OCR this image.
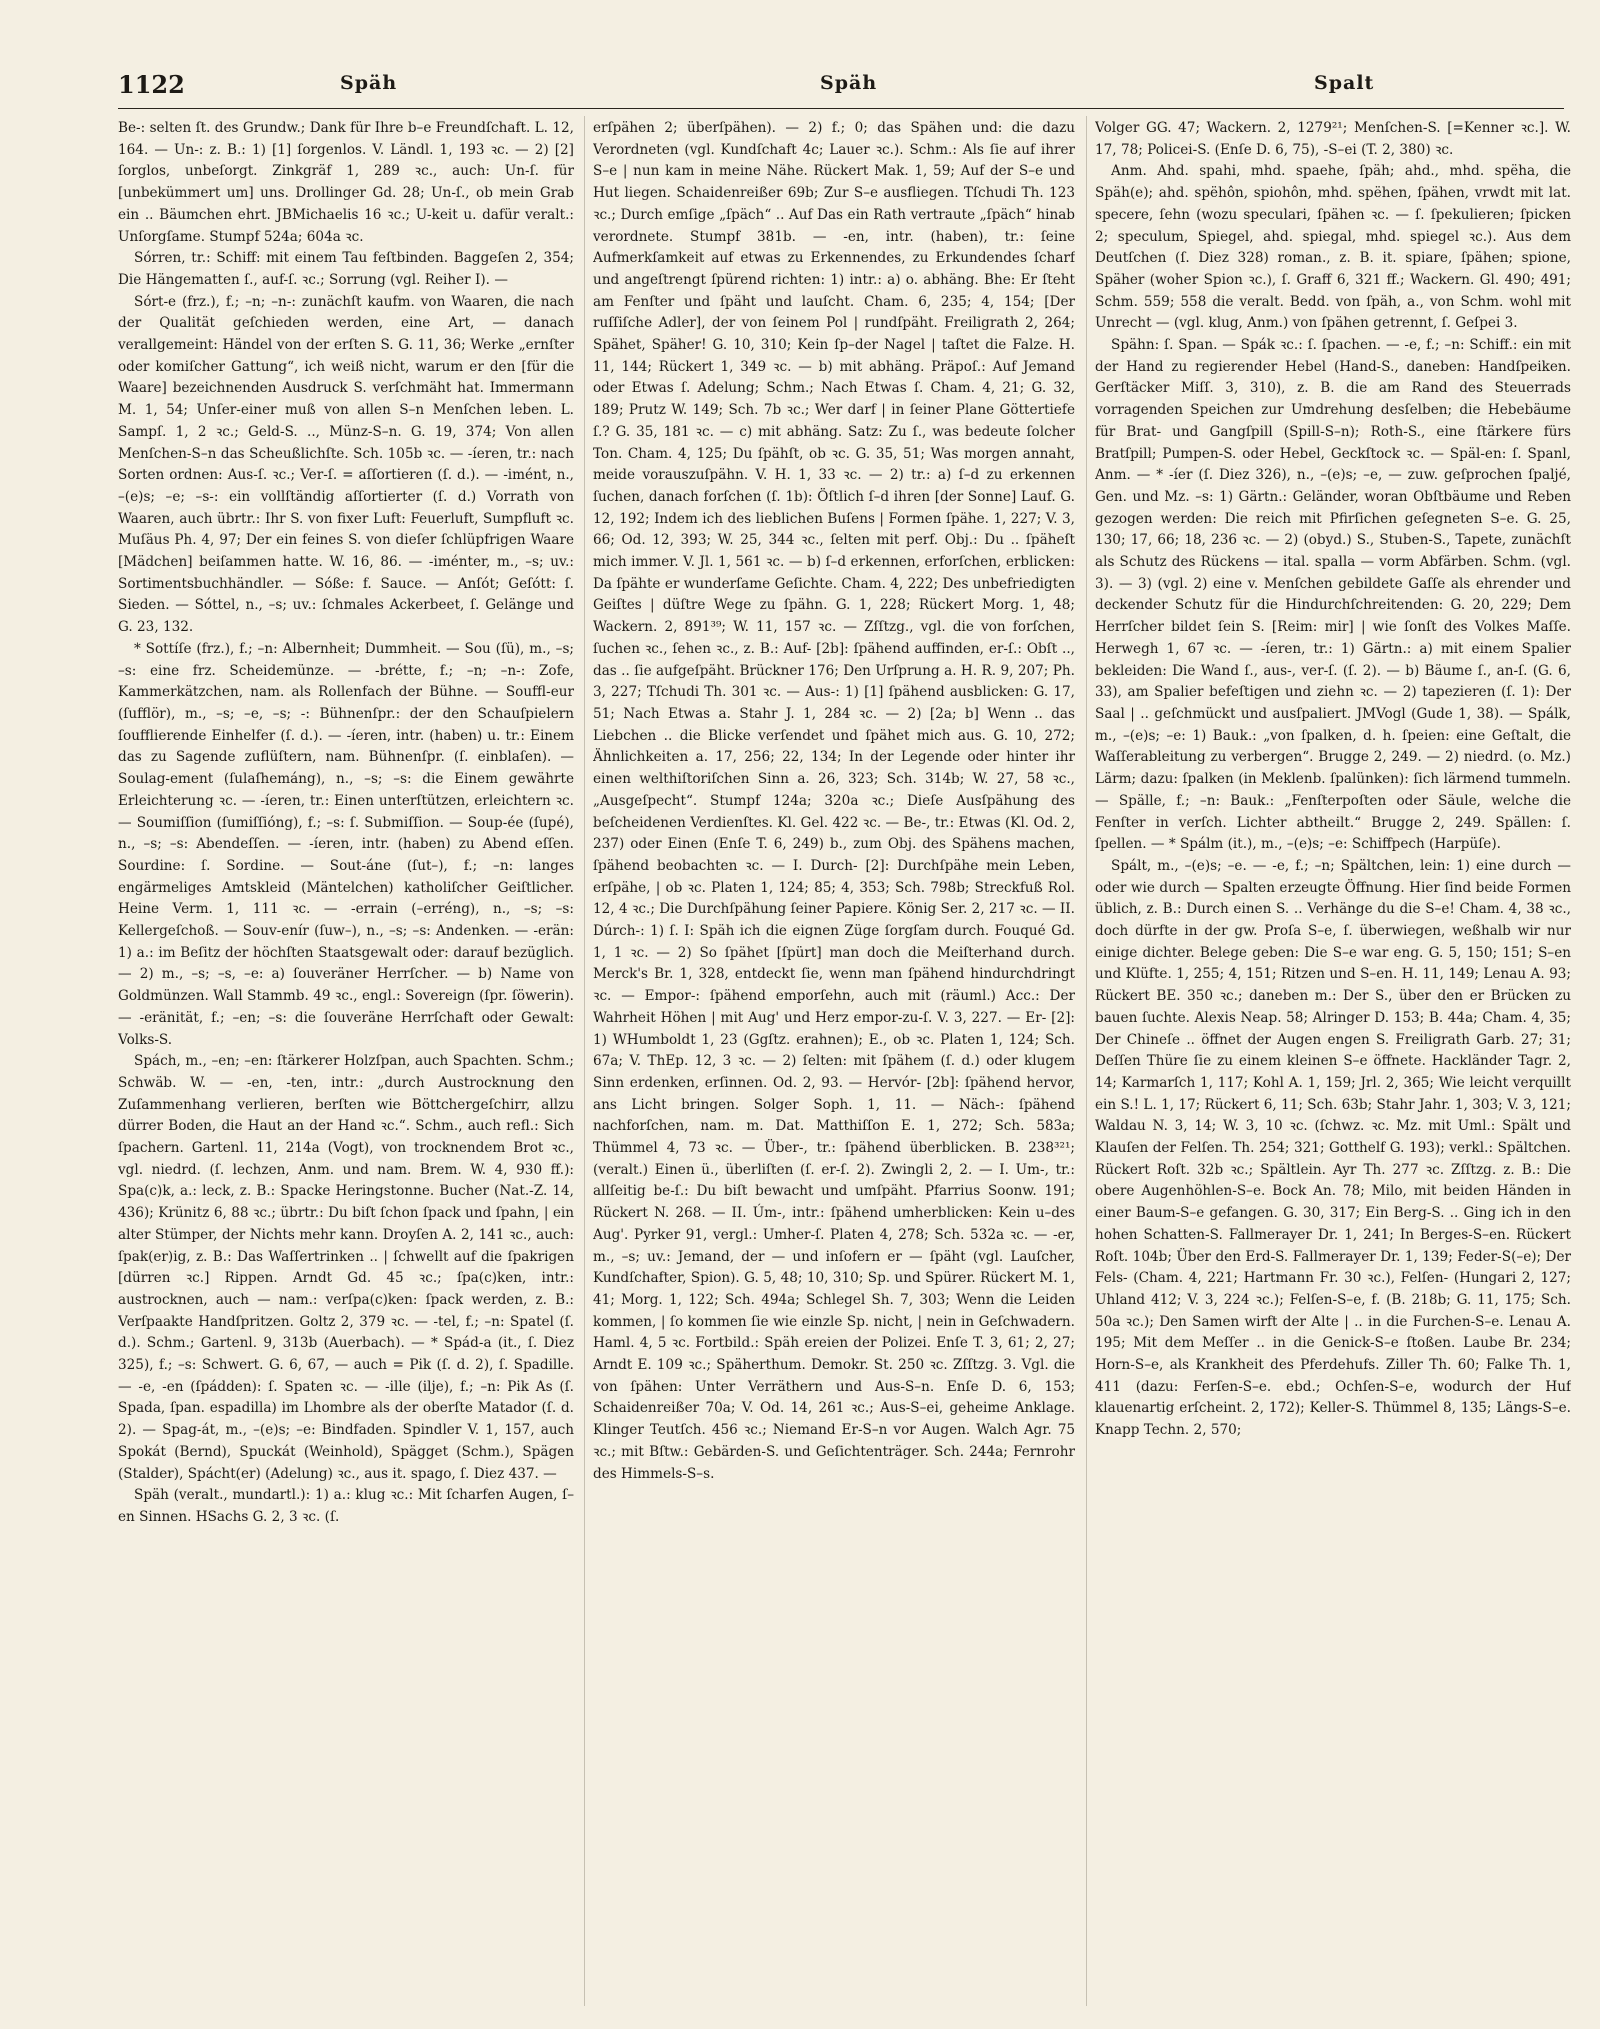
1122	Späh	Späh	Spalt

Be-: selten ſt. des Grundw.; Dank für Ihre b–e Freundſchaft. L. 12, 164. — Un-: z. B.: 1) [1] ſorgenlos. V. Ländl. 1, 193 ꝛc. — 2) [2] ſorglos, unbeſorgt. Zinkgräf 1, 289 ꝛc., auch: Un-ſ. für [unbekümmert um] uns. Drollinger Gd. 28; Un-ſ., ob mein Grab ein .. Bäumchen ehrt. JBMichaelis 16 ꝛc.; U-keit u. dafür veralt.: Unſorgſame. Stumpf 524a; 604a ꝛc.

Sórren, tr.: Schiff: mit einem Tau feſtbinden. Baggeſen 2, 354; Die Hängematten ſ., auf-ſ. ꝛc.; Sorrung (vgl. Reiher I). —

Sórt-e (frz.), f.; –n; –n-: zunächſt kaufm. von Waaren, die nach der Qualität geſchieden werden, eine Art, — danach verallgemeint: Händel von der erſten S. G. 11, 36; Werke „ernſter oder komiſcher Gattung“, ich weiß nicht, warum er den [für die Waare] bezeichnenden Ausdruck S. verſchmäht hat. Immermann M. 1, 54; Unſer-einer muß von allen S–n Menſchen leben. L. Sampſ. 1, 2 ꝛc.; Geld-S. .., Münz-S–n. G. 19, 374; Von allen Menſchen-S–n das Scheußlichſte. Sch. 105b ꝛc. — -íeren, tr.: nach Sorten ordnen: Aus-ſ. ꝛc.; Ver-ſ. = aſſortieren (ſ. d.). — -imént, n., –(e)s; –e; –s-: ein vollſtändig aſſortierter (ſ. d.) Vorrath von Waaren, auch übrtr.: Ihr S. von fixer Luft: Feuerluft, Sumpfluft ꝛc. Muſäus Ph. 4, 97; Der ein feines S. von dieſer ſchlüpfrigen Waare [Mädchen] beiſammen hatte. W. 16, 86. — -iménter, m., –s; uv.: Sortimentsbuchhändler. — Sóße: f. Sauce. — Anſót; Geſótt: ſ. Sieden. — Sóttel, n., –s; uv.: ſchmales Ackerbeet, ſ. Gelänge und G. 23, 132.

* Sottíſe (frz.), f.; –n: Albernheit; Dummheit. — Sou (ſü), m., –s; –s: eine frz. Scheidemünze. — -brétte, f.; –n; –n-: Zofe, Kammerkätzchen, nam. als Rollenfach der Bühne. — Souffl-eur (ſufflör), m., –s; –e, –s; -: Bühnenſpr.: der den Schauſpielern ſoufflierende Einhelfer (ſ. d.). — -íeren, intr. (haben) u. tr.: Einem das zu Sagende zuflüſtern, nam. Bühnenſpr. (ſ. einblaſen). — Soulag-ement (ſulaſhemáng), n., –s; –s: die Einem gewährte Erleichterung ꝛc. — -íeren, tr.: Einen unterſtützen, erleichtern ꝛc. — Soumiſſion (ſumiſſióng), f.; –s: ſ. Submiſſion. — Soup-ée (ſupé), n., –s; –s: Abendeſſen. — -íeren, intr. (haben) zu Abend eſſen. Sourdine: ſ. Sordine. — Sout-áne (ſut–), f.; –n: langes engärmeliges Amtskleid (Mäntelchen) katholiſcher Geiſtlicher. Heine Verm. 1, 111 ꝛc. — -errain (–erréng), n., –s; –s: Kellergeſchoß. — Souv-enír (ſuw–), n., –s; –s: Andenken. — -erän: 1) a.: im Beſitz der höchſten Staatsgewalt oder: darauf bezüglich. — 2) m., –s; –s, –e: a) ſouveräner Herrſcher. — b) Name von Goldmünzen. Wall Stammb. 49 ꝛc., engl.: Sovereign (ſpr. ſöwerin). — -eränität, f.; –en; –s: die ſouveräne Herrſchaft oder Gewalt: Volks-S.

Spách, m., –en; –en: ſtärkerer Holzſpan, auch Spachten. Schm.; Schwäb. W. — -en, -ten, intr.: „durch Austrocknung den Zuſammenhang verlieren, berſten wie Böttchergeſchirr, allzu dürrer Boden, die Haut an der Hand ꝛc.“. Schm., auch refl.: Sich ſpachern. Gartenl. 11, 214a (Vogt), von trocknendem Brot ꝛc., vgl. niedrd. (ſ. lechzen, Anm. und nam. Brem. W. 4, 930 ff.): Spa(c)k, a.: leck, z. B.: Spacke Heringstonne. Bucher (Nat.-Z. 14, 436); Krünitz 6, 88 ꝛc.; übrtr.: Du biſt ſchon ſpack und ſpahn, | ein alter Stümper, der Nichts mehr kann. Droyſen A. 2, 141 ꝛc., auch: ſpak(er)ig, z. B.: Das Waſſertrinken .. | ſchwellt auf die ſpakrigen [dürren ꝛc.] Rippen. Arndt Gd. 45 ꝛc.; ſpa(c)ken, intr.: austrocknen, auch — nam.: verſpa(c)ken: ſpack werden, z. B.: Verſpaakte Handſpritzen. Goltz 2, 379 ꝛc. — -tel, f.; –n: Spatel (ſ. d.). Schm.; Gartenl. 9, 313b (Auerbach). — * Spád-a (it., ſ. Diez 325), f.; –s: Schwert. G. 6, 67, — auch = Pik (ſ. d. 2), ſ. Spadille. — -e, -en (ſpádden): ſ. Spaten ꝛc. — -ille (ilje), f.; –n: Pik As (ſ. Spada, ſpan. espadilla) im Lhombre als der oberſte Matador (ſ. d. 2). — Spag-át, m., –(e)s; –e: Bindfaden. Spindler V. 1, 157, auch Spokát (Bernd), Spuckát (Weinhold), Spägget (Schm.), Spägen (Stalder), Spácht(er) (Adelung) ꝛc., aus it. spago, ſ. Diez 437. —

Späh (veralt., mundartl.): 1) a.: klug ꝛc.: Mit ſcharfen Augen, ſ–en Sinnen. HSachs G. 2, 3 ꝛc. (ſ.

erſpähen 2; überſpähen). — 2) f.; 0; das Spähen und: die dazu Verordneten (vgl. Kundſchaft 4c; Lauer ꝛc.). Schm.: Als ſie auf ihrer S–e | nun kam in meine Nähe. Rückert Mak. 1, 59; Auf der S–e und Hut liegen. Schaidenreißer 69b; Zur S–e ausfliegen. Tſchudi Th. 123 ꝛc.; Durch emſige „ſpäch“ .. Auf Das ein Rath vertraute „ſpäch“ hinab verordnete. Stumpf 381b. — -en, intr. (haben), tr.: ſeine Aufmerkſamkeit auf etwas zu Erkennendes, zu Erkundendes ſcharf und angeſtrengt ſpürend richten: 1) intr.: a) o. abhäng. Bhe: Er ſteht am Fenſter und ſpäht und lauſcht. Cham. 6, 235; 4, 154; [Der ruſſiſche Adler], der von ſeinem Pol | rundſpäht. Freiligrath 2, 264; Spähet, Späher! G. 10, 310; Kein ſp–der Nagel | taſtet die Falze. H. 11, 144; Rückert 1, 349 ꝛc. — b) mit abhäng. Präpoſ.: Auf Jemand oder Etwas ſ. Adelung; Schm.; Nach Etwas ſ. Cham. 4, 21; G. 32, 189; Prutz W. 149; Sch. 7b ꝛc.; Wer darf | in ſeiner Plane Göttertiefe ſ.? G. 35, 181 ꝛc. — c) mit abhäng. Satz: Zu ſ., was bedeute ſolcher Ton. Cham. 4, 125; Du ſpähſt, ob ꝛc. G. 35, 51; Was morgen annaht, meide vorauszuſpähn. V. H. 1, 33 ꝛc. — 2) tr.: a) ſ–d zu erkennen ſuchen, danach forſchen (ſ. 1b): Öſtlich ſ–d ihren [der Sonne] Lauf. G. 12, 192; Indem ich des lieblichen Buſens | Formen ſpähe. 1, 227; V. 3, 66; Od. 12, 393; W. 25, 344 ꝛc., ſelten mit perf. Obj.: Du .. ſpäheſt mich immer. V. Jl. 1, 561 ꝛc. — b) ſ–d erkennen, erforſchen, erblicken: Da ſpähte er wunderſame Geſichte. Cham. 4, 222; Des unbefriedigten Geiſtes | düſtre Wege zu ſpähn. G. 1, 228; Rückert Morg. 1, 48; Wackern. 2, 891³⁹; W. 11, 157 ꝛc. — Zſſtzg., vgl. die von forſchen, ſuchen ꝛc., ſehen ꝛc., z. B.: Auf- [2b]: ſpähend auffinden, er-ſ.: Obſt .., das .. ſie aufgeſpäht. Brückner 176; Den Urſprung a. H. R. 9, 207; Ph. 3, 227; Tſchudi Th. 301 ꝛc. — Aus-: 1) [1] ſpähend ausblicken: G. 17, 51; Nach Etwas a. Stahr J. 1, 284 ꝛc. — 2) [2a; b] Wenn .. das Liebchen .. die Blicke verſendet und ſpähet mich aus. G. 10, 272; Ähnlichkeiten a. 17, 256; 22, 134; In der Legende oder hinter ihr einen welthiſtoriſchen Sinn a. 26, 323; Sch. 314b; W. 27, 58 ꝛc., „Ausgeſpecht“. Stumpf 124a; 320a ꝛc.; Dieſe Ausſpähung des beſcheidenen Verdienſtes. Kl. Gel. 422 ꝛc. — Be-, tr.: Etwas (Kl. Od. 2, 237) oder Einen (Enſe T. 6, 249) b., zum Obj. des Spähens machen, ſpähend beobachten ꝛc. — I. Durch- [2]: Durchſpähe mein Leben, erſpähe, | ob ꝛc. Platen 1, 124; 85; 4, 353; Sch. 798b; Streckfuß Rol. 12, 4 ꝛc.; Die Durchſpähung ſeiner Papiere. König Ser. 2, 217 ꝛc. — II. Dúrch-: 1) ſ. I: Späh ich die eignen Züge ſorgſam durch. Fouqué Gd. 1, 1 ꝛc. — 2) So ſpähet [ſpürt] man doch die Meiſterhand durch. Merck's Br. 1, 328, entdeckt ſie, wenn man ſpähend hindurchdringt ꝛc. — Empor-: ſpähend emporſehn, auch mit (räuml.) Acc.: Der Wahrheit Höhen | mit Aug' und Herz empor-zu-ſ. V. 3, 227. — Er- [2]: 1) WHumboldt 1, 23 (Ggſtz. erahnen); E., ob ꝛc. Platen 1, 124; Sch. 67a; V. ThEp. 12, 3 ꝛc. — 2) ſelten: mit ſpähem (ſ. d.) oder klugem Sinn erdenken, erſinnen. Od. 2, 93. — Hervór- [2b]: ſpähend hervor, ans Licht bringen. Solger Soph. 1, 11. — Näch-: ſpähend nachforſchen, nam. m. Dat. Matthiſſon E. 1, 272; Sch. 583a; Thümmel 4, 73 ꝛc. — Über-, tr.: ſpähend überblicken. B. 238³²¹; (veralt.) Einen ü., überliſten (ſ. er-ſ. 2). Zwingli 2, 2. — I. Um-, tr.: allſeitig be-ſ.: Du biſt bewacht und umſpäht. Pfarrius Soonw. 191; Rückert N. 268. — II. Úm-, intr.: ſpähend umherblicken: Kein u–des Aug'. Pyrker 91, vergl.: Umher-ſ. Platen 4, 278; Sch. 532a ꝛc. — -er, m., –s; uv.: Jemand, der — und inſofern er — ſpäht (vgl. Lauſcher, Kundſchafter, Spion). G. 5, 48; 10, 310; Sp. und Spürer. Rückert M. 1, 41; Morg. 1, 122; Sch. 494a; Schlegel Sh. 7, 303; Wenn die Leiden kommen, | ſo kommen ſie wie einzle Sp. nicht, | nein in Geſchwadern. Haml. 4, 5 ꝛc. Fortbild.: Späh ereien der Polizei. Enſe T. 3, 61; 2, 27; Arndt E. 109 ꝛc.; Späherthum. Demokr. St. 250 ꝛc. Zſſtzg. 3. Vgl. die von ſpähen: Unter Verräthern und Aus-S–n. Enſe D. 6, 153; Schaidenreißer 70a; V. Od. 14, 261 ꝛc.; Aus-S–ei, geheime Anklage. Klinger Teutſch. 456 ꝛc.; Niemand Er-S–n vor Augen. Walch Agr. 75 ꝛc.; mit Bſtw.: Gebärden-S. und Geſichtenträger. Sch. 244a; Fernrohr des Himmels-S–s.

Volger GG. 47; Wackern. 2, 1279²¹; Menſchen-S. [=Kenner ꝛc.]. W. 17, 78; Policei-S. (Enſe D. 6, 75), -S–ei (T. 2, 380) ꝛc.

Anm. Ahd. spahi, mhd. spaehe, ſpäh; ahd., mhd. spëha, die Späh(e); ahd. spëhôn, spiohôn, mhd. spëhen, ſpähen, vrwdt mit lat. specere, ſehn (wozu speculari, ſpähen ꝛc. — ſ. ſpekulieren; ſpicken 2; speculum, Spiegel, ahd. spiegal, mhd. spiegel ꝛc.). Aus dem Deutſchen (ſ. Diez 328) roman., z. B. it. spiare, ſpähen; spione, Späher (woher Spion ꝛc.), ſ. Graff 6, 321 ff.; Wackern. Gl. 490; 491; Schm. 559; 558 die veralt. Bedd. von ſpäh, a., von Schm. wohl mit Unrecht — (vgl. klug, Anm.) von ſpähen getrennt, ſ. Geſpei 3.

Spähn: ſ. Span. — Spák ꝛc.: ſ. ſpachen. — -e, f.; –n: Schiff.: ein mit der Hand zu regierender Hebel (Hand-S., daneben: Handſpeiken. Gerſtäcker Miſſ. 3, 310), z. B. die am Rand des Steuerrads vorragenden Speichen zur Umdrehung desſelben; die Hebebäume für Brat- und Gangſpill (Spill-S–n); Roth-S., eine ſtärkere fürs Bratſpill; Pumpen-S. oder Hebel, Geckſtock ꝛc. — Späl-en: ſ. Spanl, Anm. — * -íer (ſ. Diez 326), n., –(e)s; –e, — zuw. geſprochen ſpaljé, Gen. und Mz. –s: 1) Gärtn.: Geländer, woran Obſtbäume und Reben gezogen werden: Die reich mit Pfirſichen geſegneten S–e. G. 25, 130; 17, 66; 18, 236 ꝛc. — 2) (obyd.) S., Stuben-S., Tapete, zunächſt als Schutz des Rückens — ital. spalla — vorm Abfärben. Schm. (vgl. 3). — 3) (vgl. 2) eine v. Menſchen gebildete Gaſſe als ehrender und deckender Schutz für die Hindurchſchreitenden: G. 20, 229; Dem Herrſcher bildet ſein S. [Reim: mir] | wie ſonſt des Volkes Maſſe. Herwegh 1, 67 ꝛc. — -íeren, tr.: 1) Gärtn.: a) mit einem Spalier bekleiden: Die Wand ſ., aus-, ver-ſ. (ſ. 2). — b) Bäume ſ., an-ſ. (G. 6, 33), am Spalier befeſtigen und ziehn ꝛc. — 2) tapezieren (ſ. 1): Der Saal | .. geſchmückt und ausſpaliert. JMVogl (Gude 1, 38). — Spálk, m., –(e)s; –e: 1) Bauk.: „von ſpalken, d. h. ſpeien: eine Geſtalt, die Waſſerableitung zu verbergen“. Brugge 2, 249. — 2) niedrd. (o. Mz.) Lärm; dazu: ſpalken (in Meklenb. ſpalünken): ſich lärmend tummeln. — Spälle, f.; –n: Bauk.: „Fenſterpoſten oder Säule, welche die Fenſter in verſch. Lichter abtheilt.“ Brugge 2, 249. Spällen: ſ. ſpellen. — * Spálm (it.), m., –(e)s; –e: Schiffpech (Harpüſe).

Spált, m., –(e)s; –e. — -e, f.; –n; Spältchen, lein: 1) eine durch — oder wie durch — Spalten erzeugte Öffnung. Hier ſind beide Formen üblich, z. B.: Durch einen S. .. Verhänge du die S–e! Cham. 4, 38 ꝛc., doch dürfte in der gw. Proſa S–e, ſ. überwiegen, weßhalb wir nur einige dichter. Belege geben: Die S–e war eng. G. 5, 150; 151; S–en und Klüfte. 1, 255; 4, 151; Ritzen und S–en. H. 11, 149; Lenau A. 93; Rückert BE. 350 ꝛc.; daneben m.: Der S., über den er Brücken zu bauen ſuchte. Alexis Neap. 58; Alringer D. 153; B. 44a; Cham. 4, 35; Der Chineſe .. öffnet der Augen engen S. Freiligrath Garb. 27; 31; Deſſen Thüre ſie zu einem kleinen S–e öffnete. Hackländer Tagr. 2, 14; Karmarſch 1, 117; Kohl A. 1, 159; Jrl. 2, 365; Wie leicht verquillt ein S.! L. 1, 17; Rückert 6, 11; Sch. 63b; Stahr Jahr. 1, 303; V. 3, 121; Waldau N. 3, 14; W. 3, 10 ꝛc. (ſchwz. ꝛc. Mz. mit Uml.: Spält und Klauſen der Felſen. Th. 254; 321; Gotthelf G. 193); verkl.: Spältchen. Rückert Roſt. 32b ꝛc.; Spältlein. Ayr Th. 277 ꝛc. Zſſtzg. z. B.: Die obere Augenhöhlen-S–e. Bock An. 78; Milo, mit beiden Händen in einer Baum-S–e gefangen. G. 30, 317; Ein Berg-S. .. Ging ich in den hohen Schatten-S. Fallmerayer Dr. 1, 241; In Berges-S–en. Rückert Roſt. 104b; Über den Erd-S. Fallmerayer Dr. 1, 139; Feder-S(–e); Der Fels- (Cham. 4, 221; Hartmann Fr. 30 ꝛc.), Felſen- (Hungari 2, 127; Uhland 412; V. 3, 224 ꝛc.); Felſen-S–e, f. (B. 218b; G. 11, 175; Sch. 50a ꝛc.); Den Samen wirft der Alte | .. in die Furchen-S–e. Lenau A. 195; Mit dem Meſſer .. in die Genick-S–e ſtoßen. Laube Br. 234; Horn-S–e, als Krankheit des Pferdehufs. Ziller Th. 60; Falke Th. 1, 411 (dazu: Ferſen-S–e. ebd.; Ochſen-S–e, wodurch der Huf klauenartig erſcheint. 2, 172); Keller-S. Thümmel 8, 135; Längs-S–e. Knapp Techn. 2, 570;
